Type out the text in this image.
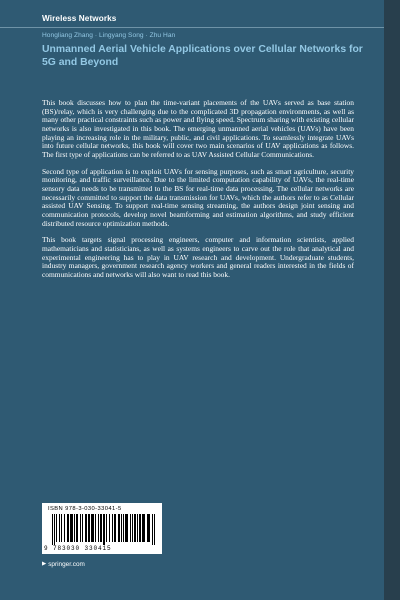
Wireless Networks
Hongliang Zhang · Lingyang Song · Zhu Han
Unmanned Aerial Vehicle Applications over Cellular Networks for 5G and Beyond

This book discusses how to plan the time-variant placements of the UAVs served as base station (BS)/relay, which is very challenging due to the complicated 3D propagation environments, as well as many other practical constraints such as power and flying speed. Spectrum sharing with existing cellular networks is also investigated in this book. The emerging unmanned aerial vehicles (UAVs) have been playing an increasing role in the military, public, and civil applications. To seamlessly integrate UAVs into future cellular networks, this book will cover two main scenarios of UAV applications as follows. The first type of applications can be referred to as UAV Assisted Cellular Communications.

Second type of application is to exploit UAVs for sensing purposes, such as smart agriculture, security monitoring, and traffic surveillance. Due to the limited computation capability of UAVs, the real-time sensory data needs to be transmitted to the BS for real-time data processing. The cellular networks are necessarily committed to support the data transmission for UAVs, which the authors refer to as Cellular assisted UAV Sensing. To support real-time sensing streaming, the authors design joint sensing and communication protocols, develop novel beamforming and estimation algorithms, and study efficient distributed resource optimization methods.

This book targets signal processing engineers, computer and information scientists, applied mathematicians and statisticians, as well as systems engineers to carve out the role that analytical and experimental engineering has to play in UAV research and development. Undergraduate students, industry managers, government research agency workers and general readers interested in the fields of communications and networks will also want to read this book.

ISBN 978-3-030-33041-5
9 783030 330415
▶ springer.com
